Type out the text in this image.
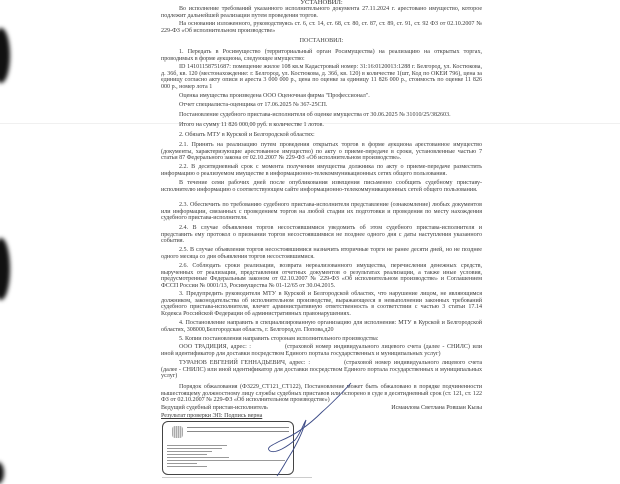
УСТАНОВИЛ:
Во исполнение требований указанного исполнительного документа 27.11.2024 г. арестовано имущество, которое подлежит дальнейшей реализации путем проведения торгов.
На основании изложенного, руководствуясь ст. 6, ст. 14, ст. 68, ст. 80, ст. 87, ст. 89, ст. 91, ст. 92 ФЗ от 02.10.2007 № 229-ФЗ «Об исполнительном производстве»
ПОСТАНОВИЛ:
1. Передать в Росимущество (территориальный орган Росимущества) на реализацию на открытых торгах, проводимых в форме аукциона, следующее имущество:
ID 14101158751687: помещение жилое 108 кв.м Кадастровый номер: 31:16:0120013:1288 г. Белгород, ул. Костюкова, д. 36б, кв. 120 (местонахождение: г. Белгород, ул. Костюкова, д. 36б, кв. 120) в количестве 1(шт, Код по ОКЕИ 796), цена за единицу согласно акту описи и ареста 3 000 000 р., цена по оценке за единицу 11 826 000 р., стоимость по оценке 11 826 000 р., номер лота 1
Оценка имущества произведена ООО Оценочная фирма "Профессионал".
Отчет специалиста-оценщика от 17.06.2025 № 367-25СП.
Постановление судебного пристава-исполнителя об оценке имущества от 30.06.2025 № 31010/25/382603.
Итого на сумму 11 826 000,00 руб. в количестве 1 лотов.
2. Обязать МТУ в Курской и Белгородской областях:
2.1. Принять на реализацию путем проведения открытых торгов в форме аукциона арестованное имущество (документы, характеризующие арестованное имущество) по акту о приеме-передаче в сроки, установленные частью 7 статьи 87 Федерального закона от 02.10.2007 № 229-ФЗ «Об исполнительном производстве».
2.2. В десятидневный срок с момента получения имущества должника по акту о приеме-передаче разместить информацию о реализуемом имуществе в информационно-телекоммуникационных сетях общего пользования.
В течение семи рабочих дней после опубликования извещения письменно сообщить судебному приставу-исполнителю информацию о соответствующем сайте информационно-телекоммуникационных сетей общего пользования.
2.3. Обеспечить по требованию судебного пристава-исполнителя представление (ознакомление) любых документов или информации, связанных с проведением торгов на любой стадии их подготовки и проведения по месту нахождения судебного пристава-исполнителя.
2.4. В случае объявления торгов несостоявшимися уведомить об этом судебного пристава-исполнителя и представить ему протокол о признании торгов несостоявшимися не позднее одного дня с даты наступления указанного события.
2.5. В случае объявления торгов несостоявшимися назначить вторичные торги не ранее десяти дней, но не позднее одного месяца со дня объявления торгов несостоявшимися.
2.6. Соблюдать сроки реализации, возврата нереализованного имущества, перечисления денежных средств, вырученных от реализации, представления отчетных документов о результатах реализации, а также иные условия, предусмотренные Федеральным законом от 02.10.2007 № 229-ФЗ «Об исполнительном производстве» и Соглашением ФССП России № 0001/13, Росимущества № 01-12/65 от 30.04.2015.
3. Предупредить руководителя МТУ в Курской и Белгородской областях, что нарушение лицом, не являющимся должником, законодательства об исполнительном производстве, выражающееся в невыполнении законных требований судебного пристава-исполнителя, влечет административную ответственность в соответствии с частью 3 статьи 17.14 Кодекса Российской Федерации об административных правонарушениях.
4. Постановление направить в специализированную организацию для исполнения: МТУ в Курской и Белгородской областях, 308000,Белгородская область, г. Белгород,ул. Попова,д20
5. Копии постановления направить сторонам исполнительного производства:
ООО ТРАДИЦИЯ, адрес: :	(страховой номер индивидуального лицевого счета (далее - СНИЛС) или иной идентификатор для доставки посредством Единого портала государственных и муниципальных услуг)
ТУРАНОВ ЕВГЕНИЙ ГЕННАДЬЕВИЧ, адрес: :	(страховой номер индивидуального лицевого счета (далее - СНИЛС) или иной идентификатор для доставки посредством Единого портала государственных и муниципальных услуг)
Порядок обжалования (ФЗ229_СТ121_СТ122), Постановление может быть обжаловано в порядке подчиненности вышестоящему должностному лицу службы судебных приставов или оспорено в суде в десятидневный срок (ст. 121, ст. 122 ФЗ от 02.10.2007 № 229-ФЗ «Об исполнительном производстве»)
Ведущий судебный пристав-исполнитель	Исмаилова Светлана Ровшан Кызы
Результат проверки ЭП: Подпись верна
